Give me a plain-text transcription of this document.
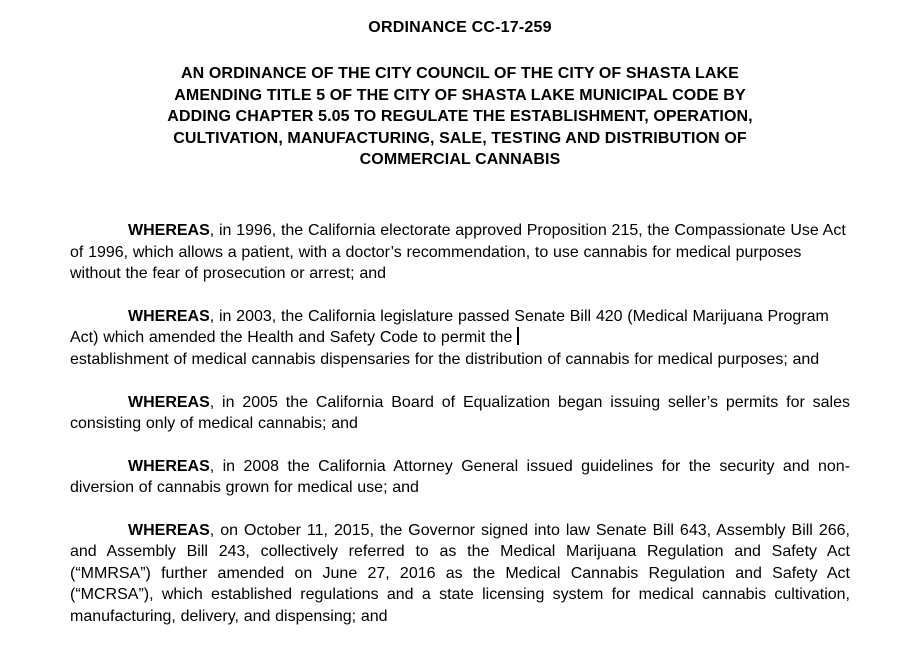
ORDINANCE CC-17-259
AN ORDINANCE OF THE CITY COUNCIL OF THE CITY OF SHASTA LAKE
AMENDING TITLE 5 OF THE CITY OF SHASTA LAKE MUNICIPAL CODE BY
ADDING CHAPTER 5.05 TO REGULATE THE ESTABLISHMENT, OPERATION,
CULTIVATION, MANUFACTURING, SALE, TESTING AND DISTRIBUTION OF
COMMERCIAL CANNABIS

WHEREAS, in 1996, the California electorate approved Proposition 215, the Compassionate Use Act of 1996, which allows a patient, with a doctor’s recommendation, to use cannabis for medical purposes without the fear of prosecution or arrest; and

WHEREAS, in 2003, the California legislature passed Senate Bill 420 (Medical Marijuana Program Act) which amended the Health and Safety Code to permit the
establishment of medical cannabis dispensaries for the distribution of cannabis for medical purposes; and

WHEREAS, in 2005 the California Board of Equalization began issuing seller’s permits for sales consisting only of medical cannabis; and

WHEREAS, in 2008 the California Attorney General issued guidelines for the security and non-diversion of cannabis grown for medical use; and

WHEREAS, on October 11, 2015, the Governor signed into law Senate Bill 643, Assembly Bill 266, and Assembly Bill 243, collectively referred to as the Medical Marijuana Regulation and Safety Act (“MMRSA”) further amended on June 27, 2016 as the Medical Cannabis Regulation and Safety Act (“MCRSA”), which established regulations and a state licensing system for medical cannabis cultivation, manufacturing, delivery, and dispensing; and
